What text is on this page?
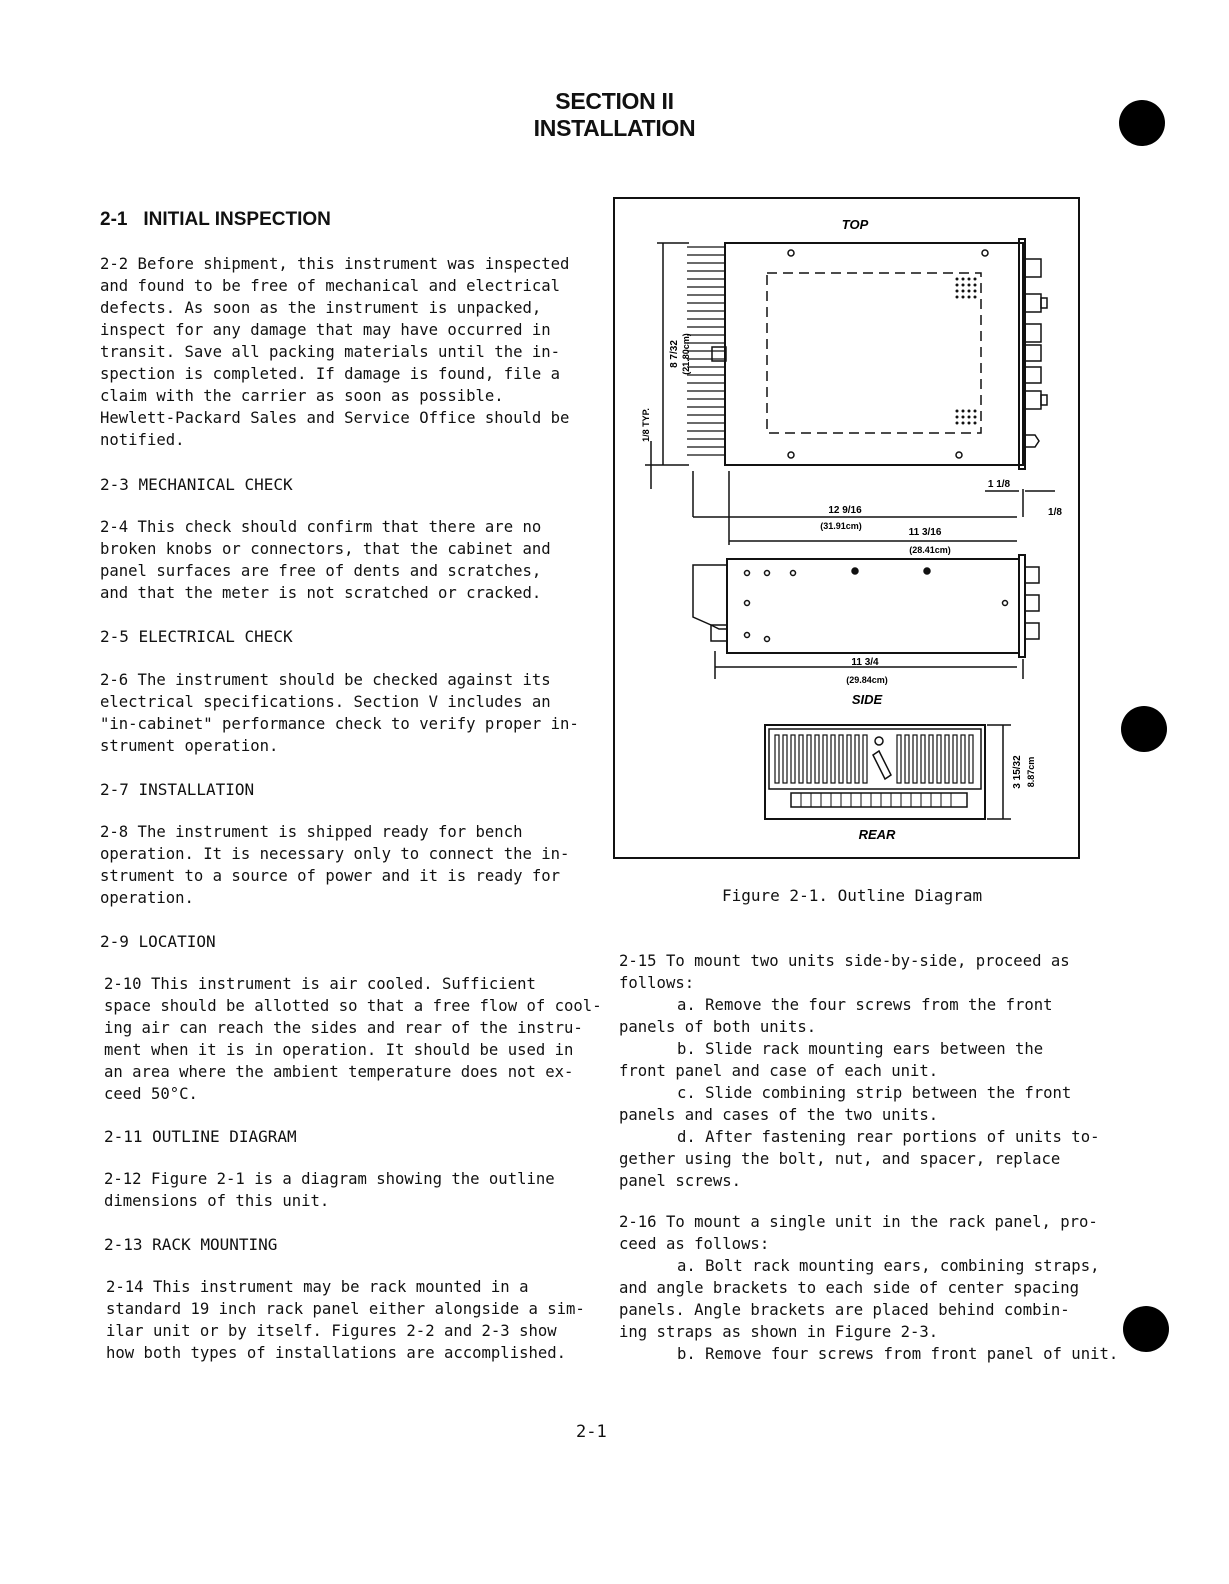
SECTION II
INSTALLATION
2-1 INITIAL INSPECTION
2-2 Before shipment, this instrument was inspected
and found to be free of mechanical and electrical
defects. As soon as the instrument is unpacked,
inspect for any damage that may have occurred in
transit. Save all packing materials until the in-
spection is completed. If damage is found, file a
claim with the carrier as soon as possible.
Hewlett-Packard Sales and Service Office should be
notified.
2-3 MECHANICAL CHECK
2-4 This check should confirm that there are no
broken knobs or connectors, that the cabinet and
panel surfaces are free of dents and scratches,
and that the meter is not scratched or cracked.
2-5 ELECTRICAL CHECK
2-6 The instrument should be checked against its
electrical specifications. Section V includes an
"in-cabinet" performance check to verify proper in-
strument operation.
2-7 INSTALLATION
2-8 The instrument is shipped ready for bench
operation. It is necessary only to connect the in-
strument to a source of power and it is ready for
operation.
2-9 LOCATION
2-10 This instrument is air cooled. Sufficient
space should be allotted so that a free flow of cool-
ing air can reach the sides and rear of the instru-
ment when it is in operation. It should be used in
an area where the ambient temperature does not ex-
ceed 50°C.
2-11 OUTLINE DIAGRAM
2-12 Figure 2-1 is a diagram showing the outline
dimensions of this unit.
2-13 RACK MOUNTING
2-14 This instrument may be rack mounted in a
standard 19 inch rack panel either alongside a sim-
ilar unit or by itself. Figures 2-2 and 2-3 show
how both types of installations are accomplished.
TOP
SIDE
REAR
8 7/32 (21.80cm)
1/8 TYP.
12 9/16
(31.91cm)
11 3/16
(28.41cm)
1 1/8
1/8
11 3/4
(29.84cm)
3 15/32 8.87cm
Figure 2-1. Outline Diagram
2-15 To mount two units side-by-side, proceed as
follows:
a. Remove the four screws from the front
panels of both units.
b. Slide rack mounting ears between the
front panel and case of each unit.
c. Slide combining strip between the front
panels and cases of the two units.
d. After fastening rear portions of units to-
gether using the bolt, nut, and spacer, replace
panel screws.
2-16 To mount a single unit in the rack panel, pro-
ceed as follows:
a. Bolt rack mounting ears, combining straps,
and angle brackets to each side of center spacing
panels. Angle brackets are placed behind combin-
ing straps as shown in Figure 2-3.
b. Remove four screws from front panel of unit.
2-1
